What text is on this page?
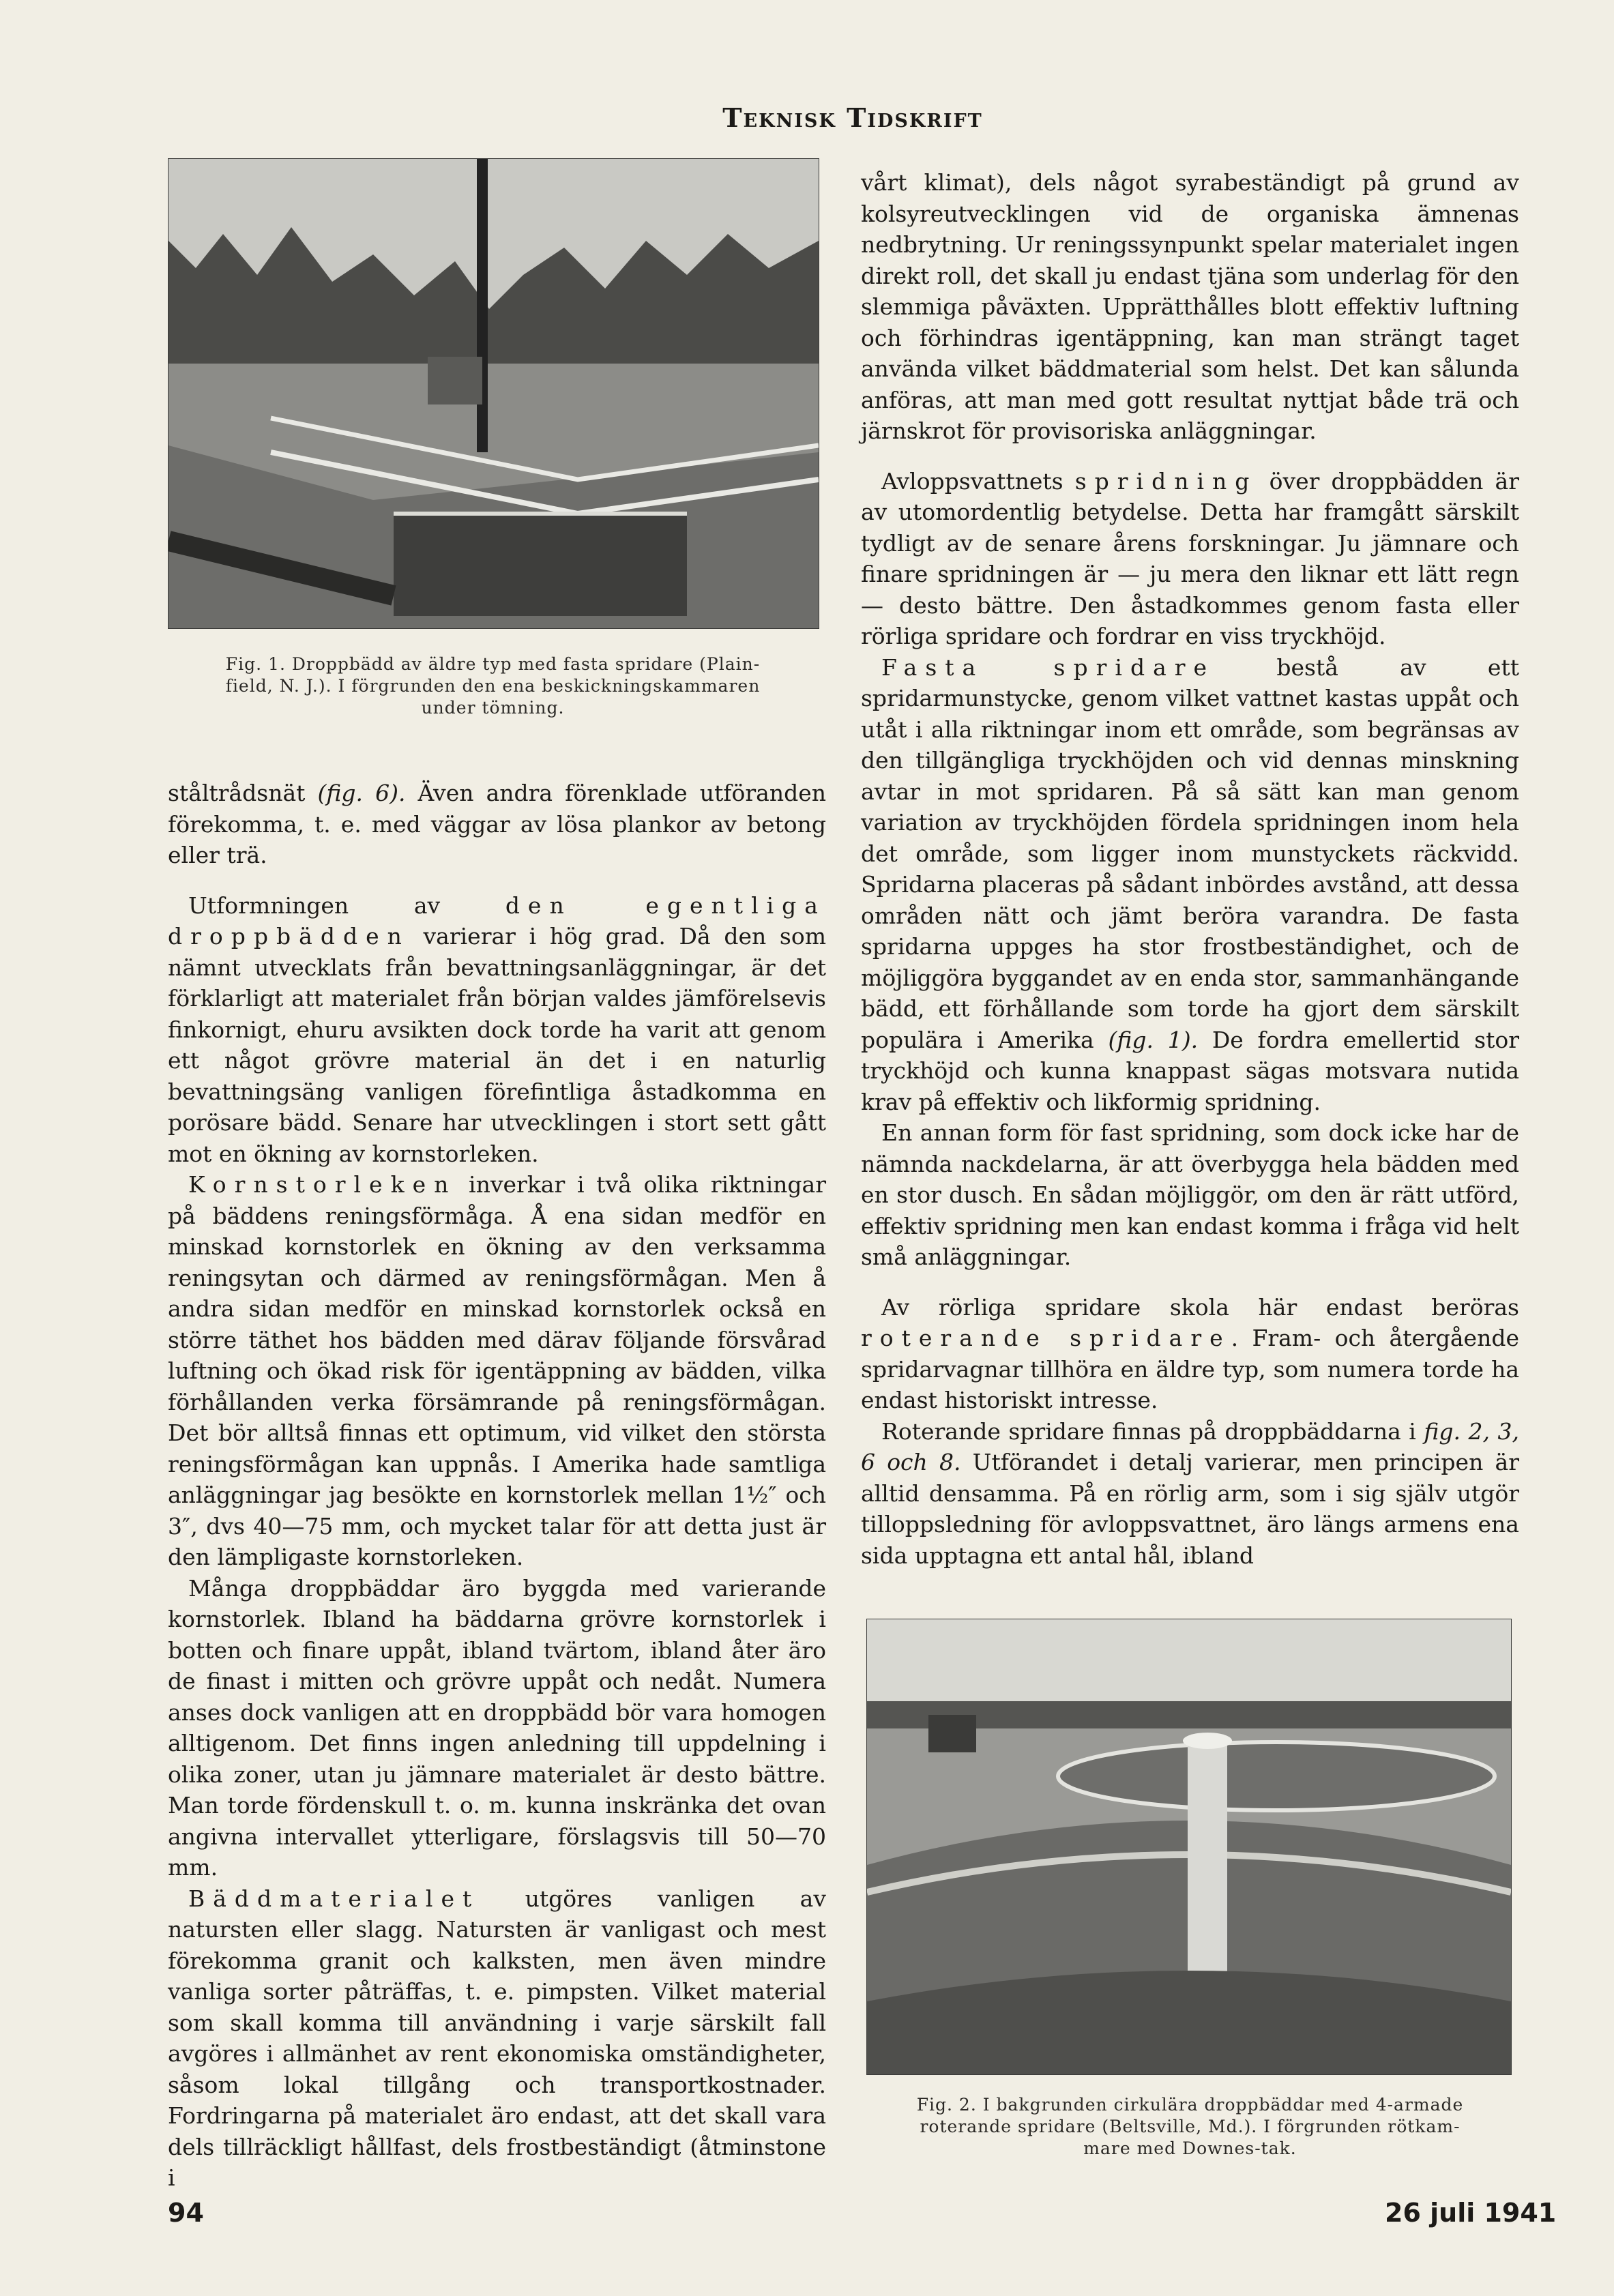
Teknisk Tidskrift
Fig. 1. Droppbädd av äldre typ med fasta spridare (Plain-
field, N. J.). I förgrunden den ena beskickningskammaren
under tömning.

ståltrådsnät (fig. 6). Även andra förenklade utföranden förekomma, t. e. med väggar av lösa plankor av betong eller trä.

Utformningen av den egentliga droppbädden varierar i hög grad. Då den som nämnt utvecklats från bevattningsanläggningar, är det förklarligt att materialet från början valdes jämförelsevis finkornigt, ehuru avsikten dock torde ha varit att genom ett något grövre material än det i en naturlig bevattningsäng vanligen förefintliga åstadkomma en porösare bädd. Senare har utvecklingen i stort sett gått mot en ökning av kornstorleken.

Kornstorleken inverkar i två olika riktningar på bäddens reningsförmåga. Å ena sidan medför en minskad kornstorlek en ökning av den verksamma reningsytan och därmed av reningsförmågan. Men å andra sidan medför en minskad kornstorlek också en större täthet hos bädden med därav följande försvårad luftning och ökad risk för igentäppning av bädden, vilka förhållanden verka försämrande på reningsförmågan. Det bör alltså finnas ett optimum, vid vilket den största reningsförmågan kan uppnås. I Amerika hade samtliga anläggningar jag besökte en kornstorlek mellan 1½″ och 3″, dvs 40—75 mm, och mycket talar för att detta just är den lämpligaste kornstorleken.

Många droppbäddar äro byggda med varierande kornstorlek. Ibland ha bäddarna grövre kornstorlek i botten och finare uppåt, ibland tvärtom, ibland åter äro de finast i mitten och grövre uppåt och nedåt. Numera anses dock vanligen att en droppbädd bör vara homogen alltigenom. Det finns ingen anledning till uppdelning i olika zoner, utan ju jämnare materialet är desto bättre. Man torde fördenskull t. o. m. kunna inskränka det ovan angivna intervallet ytterligare, förslagsvis till 50—70 mm.

Bäddmaterialet utgöres vanligen av natursten eller slagg. Natursten är vanligast och mest förekomma granit och kalksten, men även mindre vanliga sorter påträffas, t. e. pimpsten. Vilket material som skall komma till användning i varje särskilt fall avgöres i allmänhet av rent ekonomiska omständigheter, såsom lokal tillgång och transportkostnader. Fordringarna på materialet äro endast, att det skall vara dels tillräckligt hållfast, dels frostbeständigt (åtminstone i

vårt klimat), dels något syrabeständigt på grund av kolsyreutvecklingen vid de organiska ämnenas nedbrytning. Ur reningssynpunkt spelar materialet ingen direkt roll, det skall ju endast tjäna som underlag för den slemmiga påväxten. Upprätthålles blott effektiv luftning och förhindras igentäppning, kan man strängt taget använda vilket bäddmaterial som helst. Det kan sålunda anföras, att man med gott resultat nyttjat både trä och järnskrot för provisoriska anläggningar.

Avloppsvattnets spridning över droppbädden är av utomordentlig betydelse. Detta har framgått särskilt tydligt av de senare årens forskningar. Ju jämnare och finare spridningen är — ju mera den liknar ett lätt regn — desto bättre. Den åstadkommes genom fasta eller rörliga spridare och fordrar en viss tryckhöjd.

Fasta spridare bestå av ett spridarmunstycke, genom vilket vattnet kastas uppåt och utåt i alla riktningar inom ett område, som begränsas av den tillgängliga tryckhöjden och vid dennas minskning avtar in mot spridaren. På så sätt kan man genom variation av tryckhöjden fördela spridningen inom hela det område, som ligger inom munstyckets räckvidd. Spridarna placeras på sådant inbördes avstånd, att dessa områden nätt och jämt beröra varandra. De fasta spridarna uppges ha stor frostbeständighet, och de möjliggöra byggandet av en enda stor, sammanhängande bädd, ett förhållande som torde ha gjort dem särskilt populära i Amerika (fig. 1). De fordra emellertid stor tryckhöjd och kunna knappast sägas motsvara nutida krav på effektiv och likformig spridning.

En annan form för fast spridning, som dock icke har de nämnda nackdelarna, är att överbygga hela bädden med en stor dusch. En sådan möjliggör, om den är rätt utförd, effektiv spridning men kan endast komma i fråga vid helt små anläggningar.

Av rörliga spridare skola här endast beröras roterande spridare. Fram- och återgående spridarvagnar tillhöra en äldre typ, som numera torde ha endast historiskt intresse.

Roterande spridare finnas på droppbäddarna i fig. 2, 3, 6 och 8. Utförandet i detalj varierar, men principen är alltid densamma. På en rörlig arm, som i sig själv utgör tilloppsledning för avloppsvattnet, äro längs armens ena sida upptagna ett antal hål, ibland

Fig. 2. I bakgrunden cirkulära droppbäddar med 4-armade
roterande spridare (Beltsville, Md.). I förgrunden rötkam-
mare med Downes-tak.
94	26 juli 1941
